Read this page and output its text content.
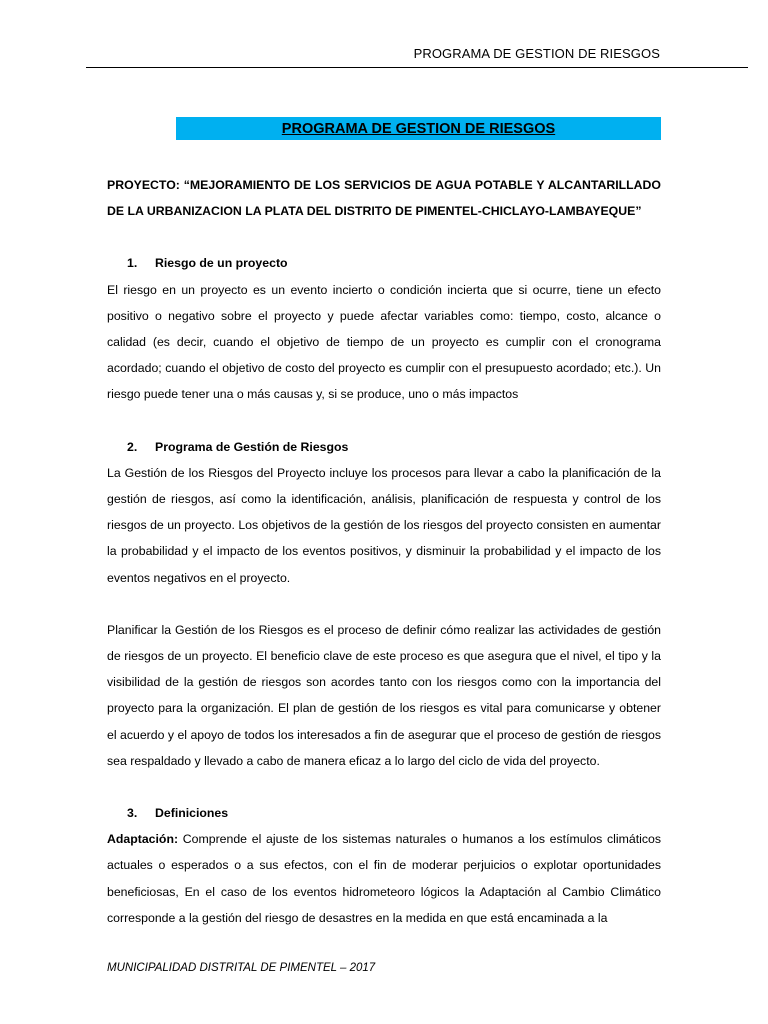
PROGRAMA DE GESTION DE RIESGOS
PROGRAMA DE GESTION DE RIESGOS

PROYECTO: “MEJORAMIENTO DE LOS SERVICIOS DE AGUA POTABLE Y ALCANTARILLADO DE LA URBANIZACION LA PLATA DEL DISTRITO DE PIMENTEL-CHICLAYO-LAMBAYEQUE”

1.	Riesgo de un proyecto

El riesgo en un proyecto es un evento incierto o condición incierta que si ocurre, tiene un efecto positivo o negativo sobre el proyecto y puede afectar variables como: tiempo, costo, alcance o calidad (es decir, cuando el objetivo de tiempo de un proyecto es cumplir con el cronograma acordado; cuando el objetivo de costo del proyecto es cumplir con el presupuesto acordado; etc.). Un riesgo puede tener una o más causas y, si se produce, uno o más impactos

2.	Programa de Gestión de Riesgos

La Gestión de los Riesgos del Proyecto incluye los procesos para llevar a cabo la planificación de la gestión de riesgos, así como la identificación, análisis, planificación de respuesta y control de los riesgos de un proyecto. Los objetivos de la gestión de los riesgos del proyecto consisten en aumentar la probabilidad y el impacto de los eventos positivos, y disminuir la probabilidad y el impacto de los eventos negativos en el proyecto.

Planificar la Gestión de los Riesgos es el proceso de definir cómo realizar las actividades de gestión de riesgos de un proyecto. El beneficio clave de este proceso es que asegura que el nivel, el tipo y la visibilidad de la gestión de riesgos son acordes tanto con los riesgos como con la importancia del proyecto para la organización. El plan de gestión de los riesgos es vital para comunicarse y obtener el acuerdo y el apoyo de todos los interesados a fin de asegurar que el proceso de gestión de riesgos sea respaldado y llevado a cabo de manera eficaz a lo largo del ciclo de vida del proyecto.

3.	Definiciones

Adaptación: Comprende el ajuste de los sistemas naturales o humanos a los estímulos climáticos actuales o esperados o a sus efectos, con el fin de moderar perjuicios o explotar oportunidades beneficiosas, En el caso de los eventos hidrometeoro lógicos la Adaptación al Cambio Climático corresponde a la gestión del riesgo de desastres en la medida en que está encaminada a la

MUNICIPALIDAD DISTRITAL DE PIMENTEL – 2017
